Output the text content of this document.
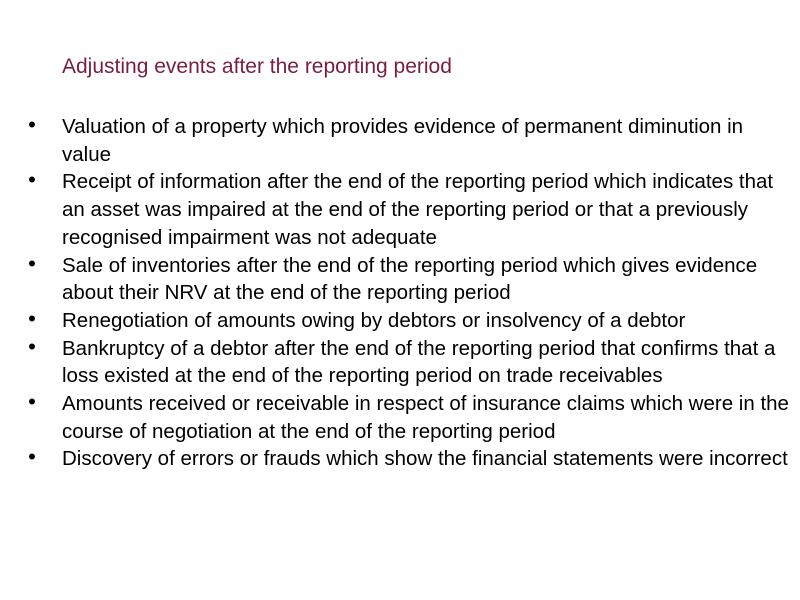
Adjusting events after the reporting period
•	Valuation of a property which provides evidence of permanent diminution in value
•	Receipt of information after the end of the reporting period which indicates that an asset was impaired at the end of the reporting period or that a previously recognised impairment was not adequate
•	Sale of inventories after the end of the reporting period which gives evidence about their NRV at the end of the reporting period
•	Renegotiation of amounts owing by debtors or insolvency of a debtor
•	Bankruptcy of a debtor after the end of the reporting period that confirms that a loss existed at the end of the reporting period on trade receivables
•	Amounts received or receivable in respect of insurance claims which were in the course of negotiation at the end of the reporting period
•	Discovery of errors or frauds which show the financial statements were incorrect
